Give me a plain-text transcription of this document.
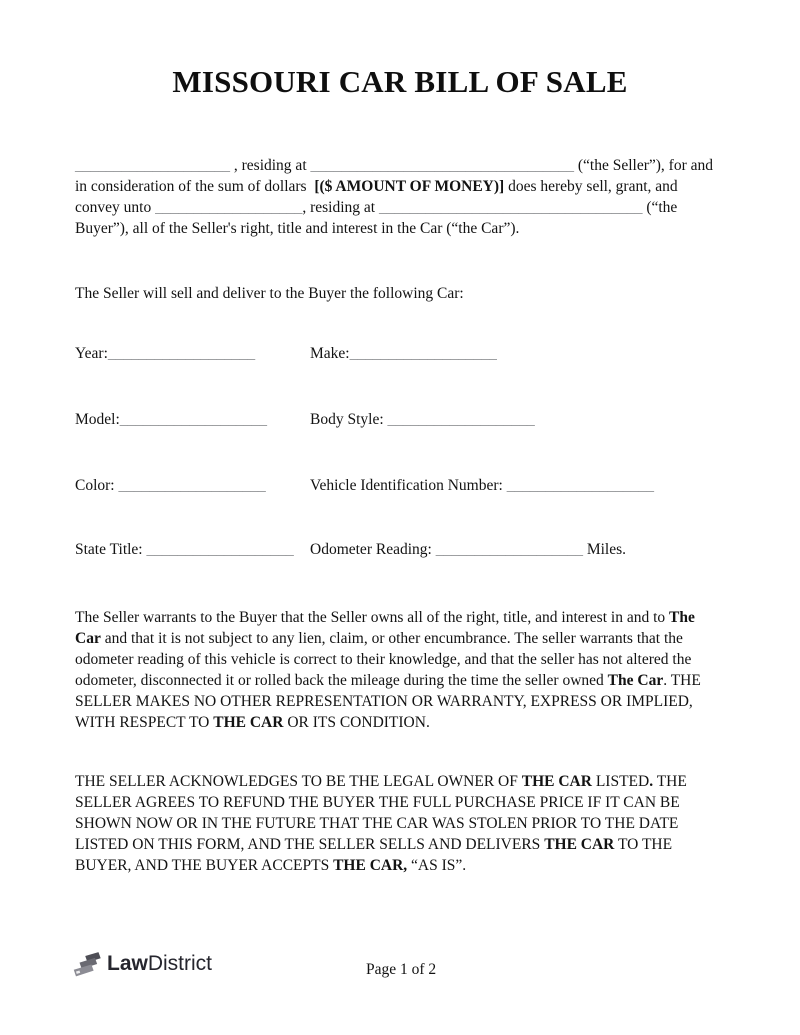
MISSOURI CAR BILL OF SALE
____________________ , residing at __________________________________ (“the Seller”), for and
in consideration of the sum of dollars  [($ AMOUNT OF MONEY)] does hereby sell, grant, and
convey unto ___________________, residing at __________________________________ (“the
Buyer”), all of the Seller's right, title and interest in the Car (“the Car”).
The Seller will sell and deliver to the Buyer the following Car:
Year:___________________	Make:___________________
Model:___________________	Body Style: ___________________
Color: ___________________	Vehicle Identification Number: ___________________
State Title: ___________________ Odometer Reading: ___________________ Miles.
The Seller warrants to the Buyer that the Seller owns all of the right, title, and interest in and to The
Car and that it is not subject to any lien, claim, or other encumbrance. The seller warrants that the
odometer reading of this vehicle is correct to their knowledge, and that the seller has not altered the
odometer, disconnected it or rolled back the mileage during the time the seller owned The Car. THE
SELLER MAKES NO OTHER REPRESENTATION OR WARRANTY, EXPRESS OR IMPLIED,
WITH RESPECT TO THE CAR OR ITS CONDITION.
THE SELLER ACKNOWLEDGES TO BE THE LEGAL OWNER OF THE CAR LISTED. THE
SELLER AGREES TO REFUND THE BUYER THE FULL PURCHASE PRICE IF IT CAN BE
SHOWN NOW OR IN THE FUTURE THAT THE CAR WAS STOLEN PRIOR TO THE DATE
LISTED ON THIS FORM, AND THE SELLER SELLS AND DELIVERS THE CAR TO THE
BUYER, AND THE BUYER ACCEPTS THE CAR, “AS IS”.
Law District	Page 1 of 2
